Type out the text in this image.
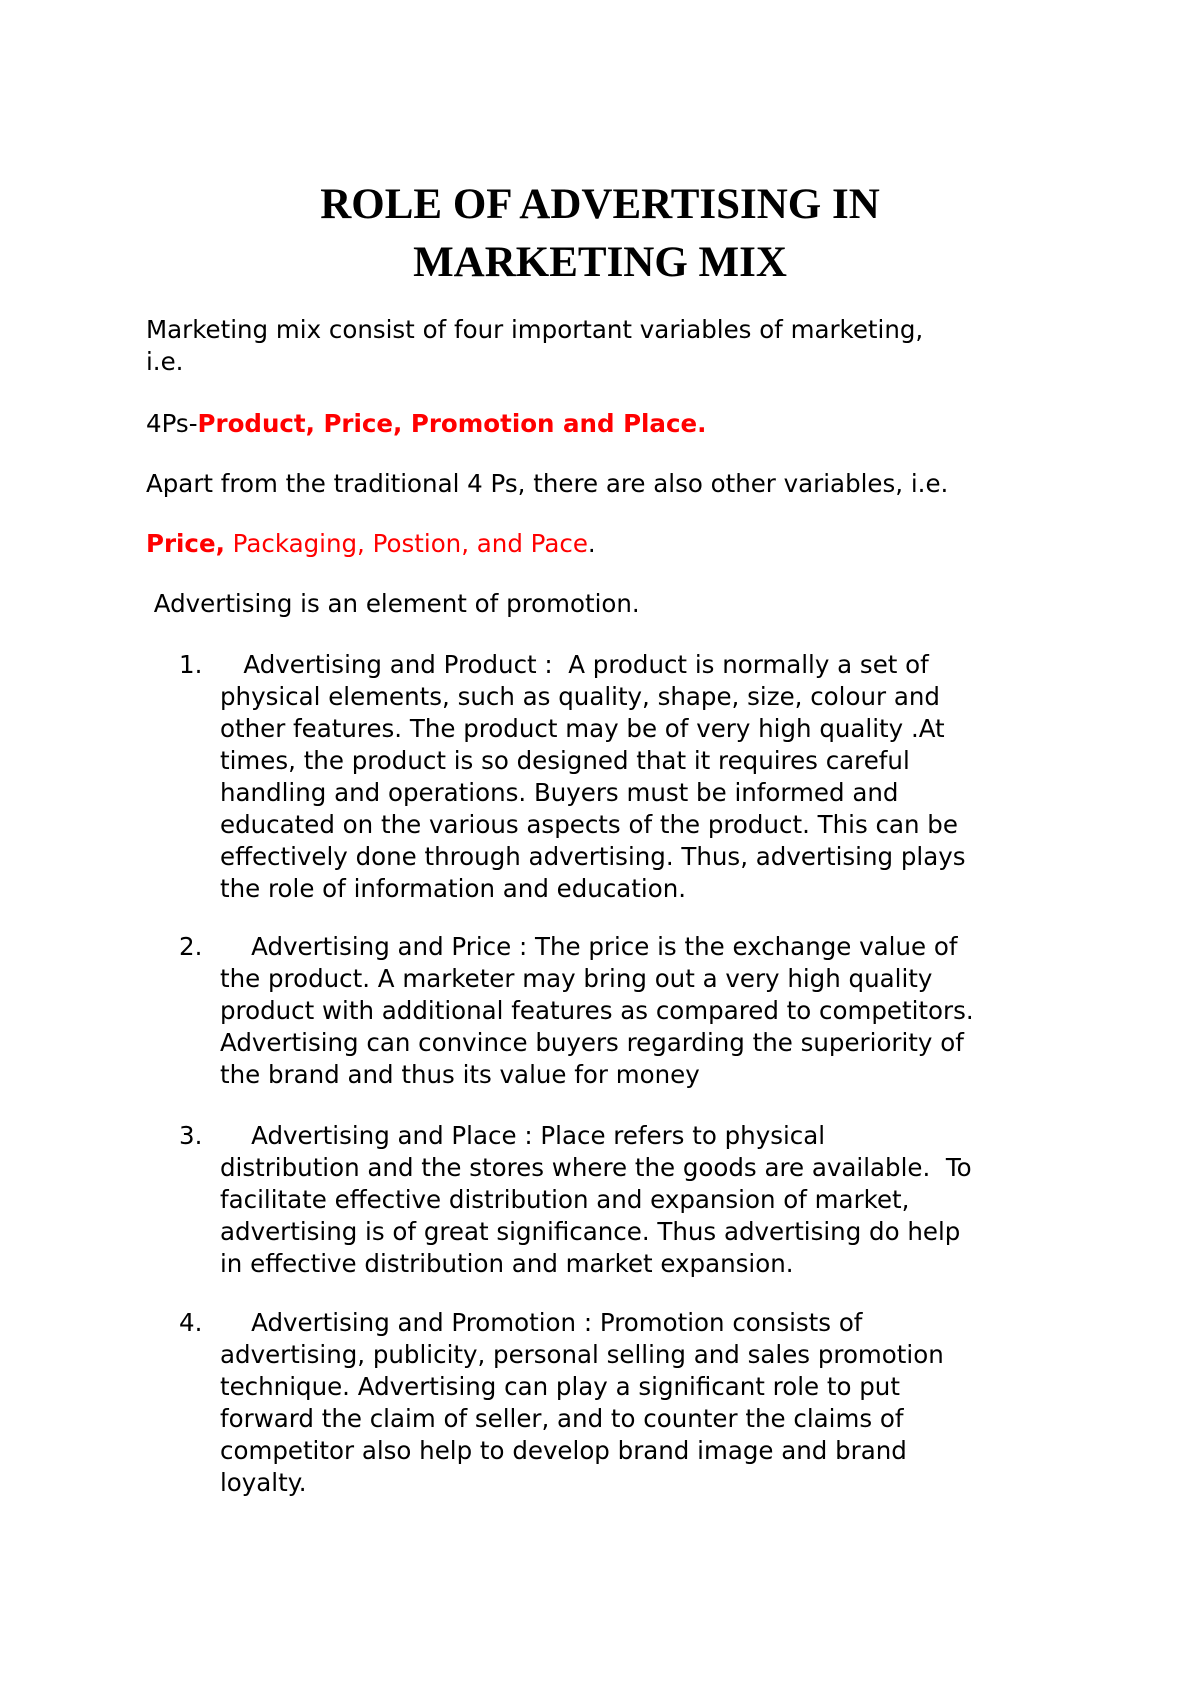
ROLE OF ADVERTISING IN
MARKETING MIX

Marketing mix consist of four important variables of marketing,
i.e.

4Ps-Product, Price, Promotion and Place.

Apart from the traditional 4 Ps, there are also other variables, i.e.

Price, Packaging, Postion, and Pace.

Advertising is an element of promotion.

1. Advertising and Product :  A product is normally a set of
physical elements, such as quality, shape, size, colour and
other features. The product may be of very high quality .At
times, the product is so designed that it requires careful
handling and operations. Buyers must be informed and
educated on the various aspects of the product. This can be
effectively done through advertising. Thus, advertising plays
the role of information and education.
2. Advertising and Price : The price is the exchange value of
the product. A marketer may bring out a very high quality
product with additional features as compared to competitors.
Advertising can convince buyers regarding the superiority of
the brand and thus its value for money
3. Advertising and Place : Place refers to physical
distribution and the stores where the goods are available.  To
facilitate effective distribution and expansion of market,
advertising is of great significance. Thus advertising do help
in effective distribution and market expansion.
4. Advertising and Promotion : Promotion consists of
advertising, publicity, personal selling and sales promotion
technique. Advertising can play a significant role to put
forward the claim of seller, and to counter the claims of
competitor also help to develop brand image and brand
loyalty.
